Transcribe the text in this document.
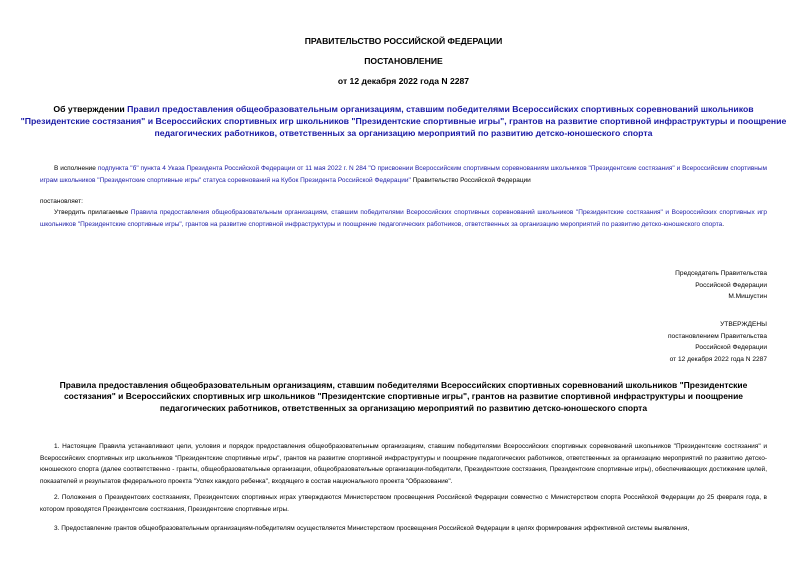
ПРАВИТЕЛЬСТВО РОССИЙСКОЙ ФЕДЕРАЦИИ
ПОСТАНОВЛЕНИЕ
от 12 декабря 2022 года N 2287
Об утверждении Правил предоставления общеобразовательным организациям, ставшим победителями Всероссийских спортивных соревнований школьников "Президентские состязания" и Всероссийских спортивных игр школьников "Президентские спортивные игры", грантов на развитие спортивной инфраструктуры и поощрение педагогических работников, ответственных за организацию мероприятий по развитию детско-юношеского спорта
В исполнение подпункта "б" пункта 4 Указа Президента Российской Федерации от 11 мая 2022 г. N 284 "О присвоении Всероссийским спортивным соревнованиям школьников "Президентские состязания" и Всероссийским спортивным играм школьников "Президентские спортивные игры" статуса соревнований на Кубок Президента Российской Федерации" Правительство Российской Федерации
постановляет:
Утвердить прилагаемые Правила предоставления общеобразовательным организациям, ставшим победителями Всероссийских спортивных соревнований школьников "Президентские состязания" и Всероссийских спортивных игр школьников "Президентские спортивные игры", грантов на развитие спортивной инфраструктуры и поощрение педагогических работников, ответственных за организацию мероприятий по развитию детско-юношеского спорта.
Председатель Правительства
Российской Федерации
М.Мишустин
УТВЕРЖДЕНЫ
постановлением Правительства
Российской Федерации
от 12 декабря 2022 года N 2287
Правила предоставления общеобразовательным организациям, ставшим победителями Всероссийских спортивных соревнований школьников "Президентские состязания" и Всероссийских спортивных игр школьников "Президентские спортивные игры", грантов на развитие спортивной инфраструктуры и поощрение педагогических работников, ответственных за организацию мероприятий по развитию детско-юношеского спорта
1. Настоящие Правила устанавливают цели, условия и порядок предоставления общеобразовательным организациям, ставшим победителями Всероссийских спортивных соревнований школьников "Президентские состязания" и Всероссийских спортивных игр школьников "Президентские спортивные игры", грантов на развитие спортивной инфраструктуры и поощрение педагогических работников, ответственных за организацию мероприятий по развитию детско-юношеского спорта (далее соответственно - гранты, общеобразовательные организации, общеобразовательные организации-победители, Президентские состязания, Президентские спортивные игры), обеспечивающих достижение целей, показателей и результатов федерального проекта "Успех каждого ребенка", входящего в состав национального проекта "Образование".
2. Положения о Президентских состязаниях, Президентских спортивных играх утверждаются Министерством просвещения Российской Федерации совместно с Министерством спорта Российской Федерации до 25 февраля года, в котором проводятся Президентские состязания, Президентские спортивные игры.
3. Предоставление грантов общеобразовательным организациям-победителям осуществляется Министерством просвещения Российской Федерации в целях формирования эффективной системы выявления,
